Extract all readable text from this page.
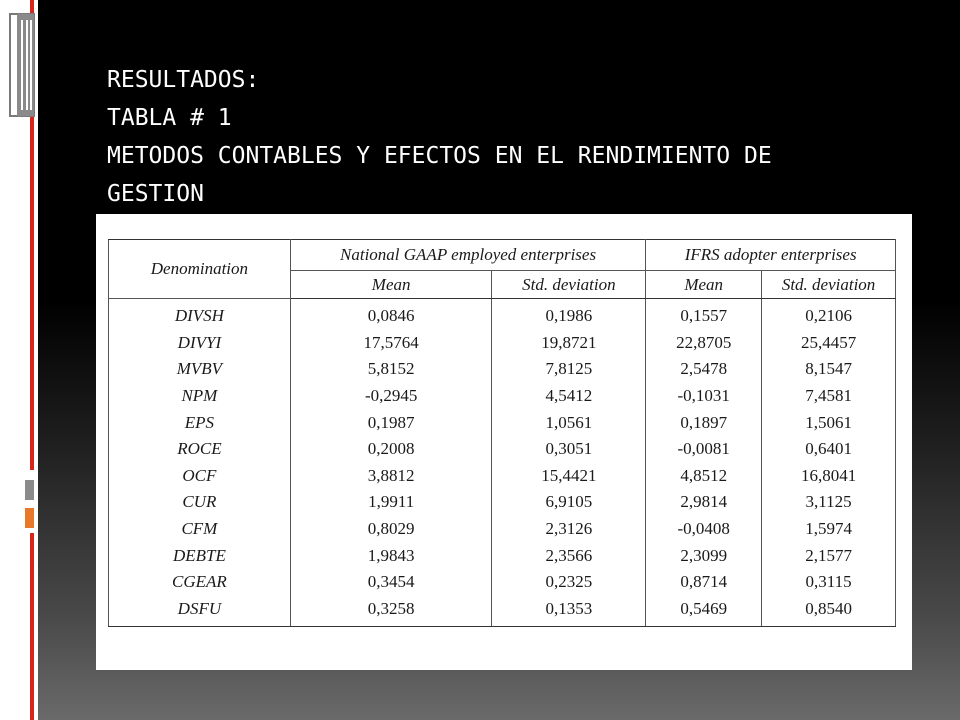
RESULTADOS:
TABLA # 1
METODOS CONTABLES Y EFECTOS EN EL RENDIMIENTO DE
GESTION
Denomination	National GAAP employed enterprises		IFRS adopter enterprises	
	Mean	Std. deviation	Mean	Std. deviation
DIVSH	0,0846	0,1986	0,1557	0,2106
DIVYI	17,5764	19,8721	22,8705	25,4457
MVBV	5,8152	7,8125	2,5478	8,1547
NPM	-0,2945	4,5412	-0,1031	7,4581
EPS	0,1987	1,0561	0,1897	1,5061
ROCE	0,2008	0,3051	-0,0081	0,6401
OCF	3,8812	15,4421	4,8512	16,8041
CUR	1,9911	6,9105	2,9814	3,1125
CFM	0,8029	2,3126	-0,0408	1,5974
DEBTE	1,9843	2,3566	2,3099	2,1577
CGEAR	0,3454	0,2325	0,8714	0,3115
DSFU	0,3258	0,1353	0,5469	0,8540
